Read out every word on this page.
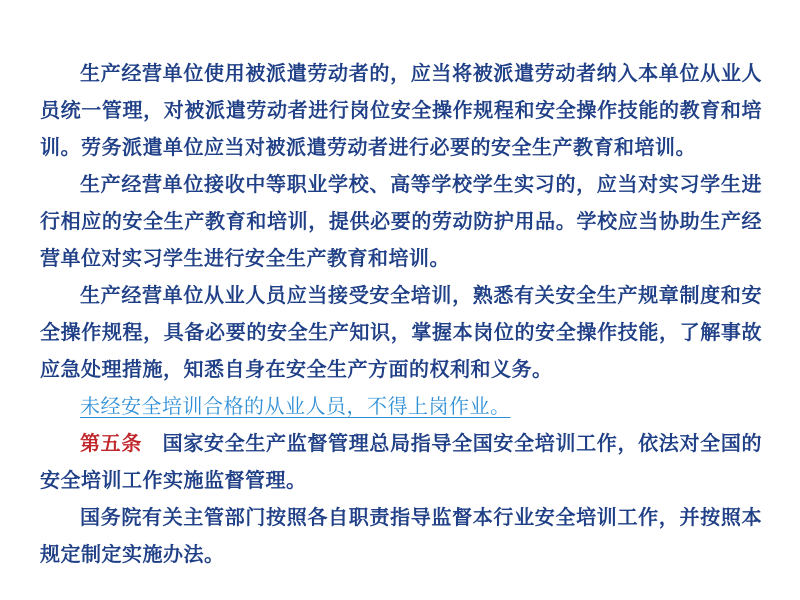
生产经营单位使用被派遣劳动者的，应当将被派遣劳动者纳入本单位从业人员统一管理，对被派遣劳动者进行岗位安全操作规程和安全操作技能的教育和培训。劳务派遣单位应当对被派遣劳动者进行必要的安全生产教育和培训。

生产经营单位接收中等职业学校、高等学校学生实习的，应当对实习学生进行相应的安全生产教育和培训，提供必要的劳动防护用品。学校应当协助生产经营单位对实习学生进行安全生产教育和培训。

生产经营单位从业人员应当接受安全培训，熟悉有关安全生产规章制度和安全操作规程，具备必要的安全生产知识，掌握本岗位的安全操作技能，了解事故应急处理措施，知悉自身在安全生产方面的权利和义务。

未经安全培训合格的从业人员，不得上岗作业。

第五条　国家安全生产监督管理总局指导全国安全培训工作，依法对全国的安全培训工作实施监督管理。

国务院有关主管部门按照各自职责指导监督本行业安全培训工作，并按照本规定制定实施办法。
